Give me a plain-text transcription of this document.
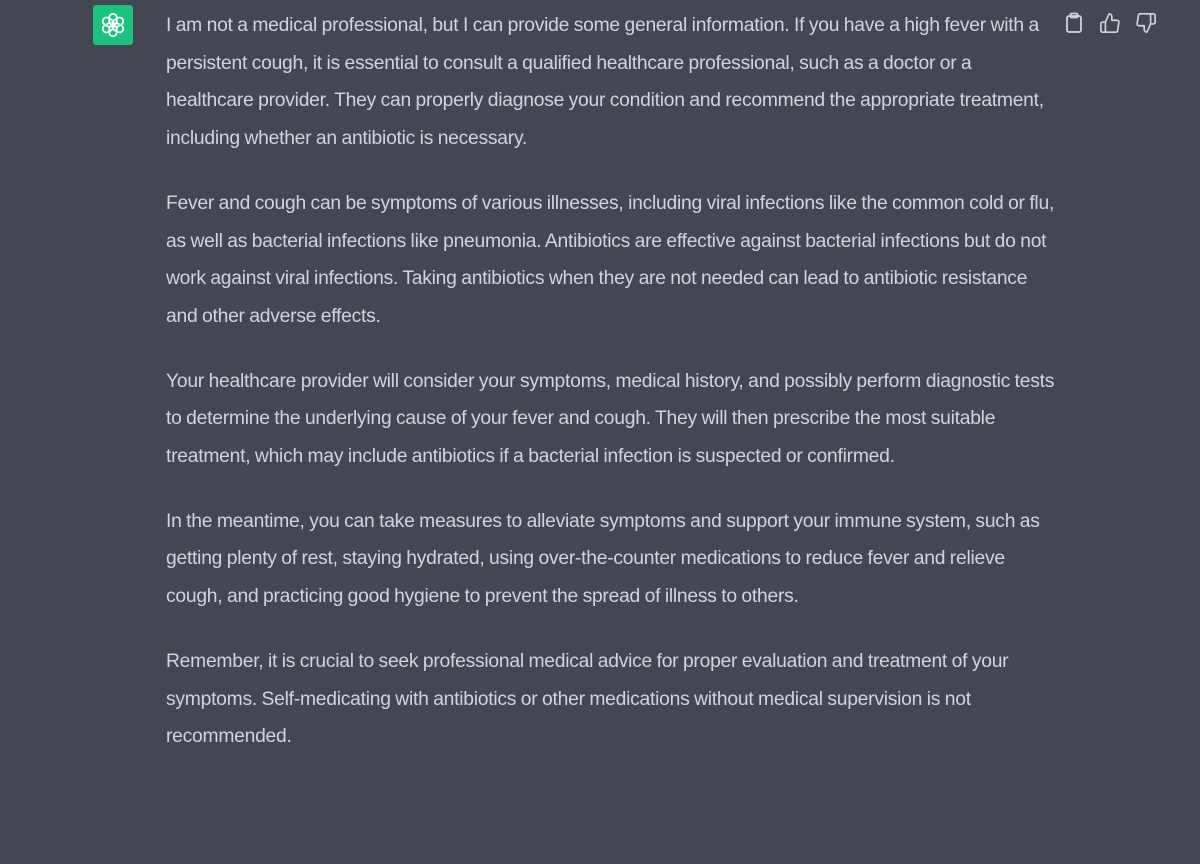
I am not a medical professional, but I can provide some general information. If you have a high fever with a persistent cough, it is essential to consult a qualified healthcare professional, such as a doctor or a healthcare provider. They can properly diagnose your condition and recommend the appropriate treatment, including whether an antibiotic is necessary.

Fever and cough can be symptoms of various illnesses, including viral infections like the common cold or flu, as well as bacterial infections like pneumonia. Antibiotics are effective against bacterial infections but do not work against viral infections. Taking antibiotics when they are not needed can lead to antibiotic resistance and other adverse effects.

Your healthcare provider will consider your symptoms, medical history, and possibly perform diagnostic tests to determine the underlying cause of your fever and cough. They will then prescribe the most suitable treatment, which may include antibiotics if a bacterial infection is suspected or confirmed.

In the meantime, you can take measures to alleviate symptoms and support your immune system, such as getting plenty of rest, staying hydrated, using over-the-counter medications to reduce fever and relieve cough, and practicing good hygiene to prevent the spread of illness to others.

Remember, it is crucial to seek professional medical advice for proper evaluation and treatment of your symptoms. Self-medicating with antibiotics or other medications without medical supervision is not recommended.
